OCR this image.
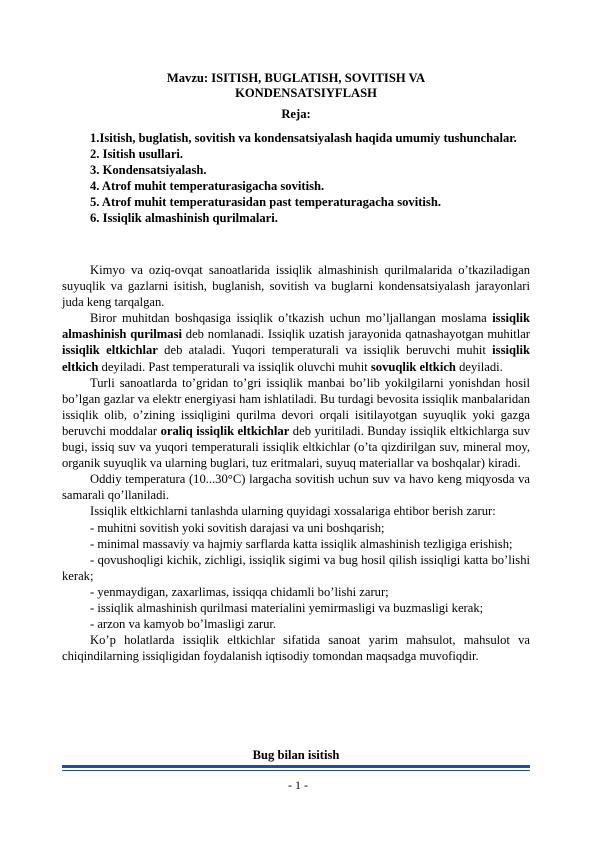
Mavzu: ISITISH, BUGLATISH, SOVITISH VA

KONDENSATSIYFLASH

Reja:

1.Isitish, buglatish, sovitish va kondensatsiyalash haqida umumiy tushunchalar.

2. Isitish usullari.

3. Kondensatsiyalash.

4. Atrof muhit temperaturasigacha sovitish.

5. Atrof muhit temperaturasidan past temperaturagacha sovitish.

6. Issiqlik almashinish qurilmalari.

Kimyo va oziq-ovqat sanoatlarida issiqlik almashinish qurilmalarida o’tkaziladigan suyuqlik va gazlarni isitish, buglanish, sovitish va buglarni kondensatsiyalash jarayonlari juda keng tarqalgan.

Biror muhitdan boshqasiga issiqlik o’tkazish uchun mo’ljallangan moslama issiqlik almashinish qurilmasi deb nomlanadi. Issiqlik uzatish jarayonida qatnashayotgan muhitlar issiqlik eltkichlar deb ataladi. Yuqori temperaturali va issiqlik beruvchi muhit issiqlik eltkich deyiladi. Past temperaturali va issiqlik oluvchi muhit sovuqlik eltkich deyiladi.

Turli sanoatlarda to’gridan to’gri issiqlik manbai bo’lib yokilgilarni yonishdan hosil bo’lgan gazlar va elektr energiyasi ham ishlatiladi. Bu turdagi bevosita issiqlik manbalaridan issiqlik olib, o’zining issiqligini qurilma devori orqali isitilayotgan suyuqlik yoki gazga beruvchi moddalar oraliq issiqlik eltkichlar deb yuritiladi. Bunday issiqlik eltkichlarga suv bugi, issiq suv va yuqori temperaturali issiqlik eltkichlar (o’ta qizdirilgan suv, mineral moy, organik suyuqlik va ularning buglari, tuz eritmalari, suyuq materiallar va boshqalar) kiradi.

Oddiy temperatura (10...30°C) largacha sovitish uchun suv va havo keng miqyosda va samarali qo’llaniladi.

Issiqlik eltkichlarni tanlashda ularning quyidagi xossalariga ehtibor berish zarur:

- muhitni sovitish yoki sovitish darajasi va uni boshqarish;

- minimal massaviy va hajmiy sarflarda katta issiqlik almashinish tezligiga erishish;

- qovushoqligi kichik, zichligi, issiqlik sigimi va bug hosil qilish issiqligi katta bo’lishi kerak;

- yenmaydigan, zaxarlimas, issiqqa chidamli bo’lishi zarur;

- issiqlik almashinish qurilmasi materialini yemirmasligi va buzmasligi kerak;

- arzon va kamyob bo’lmasligi zarur.

Ko’p holatlarda issiqlik eltkichlar sifatida sanoat yarim mahsulot, mahsulot va chiqindilarning issiqligidan foydalanish iqtisodiy tomondan maqsadga muvofiqdir.

Bug bilan isitish

- 1 -
